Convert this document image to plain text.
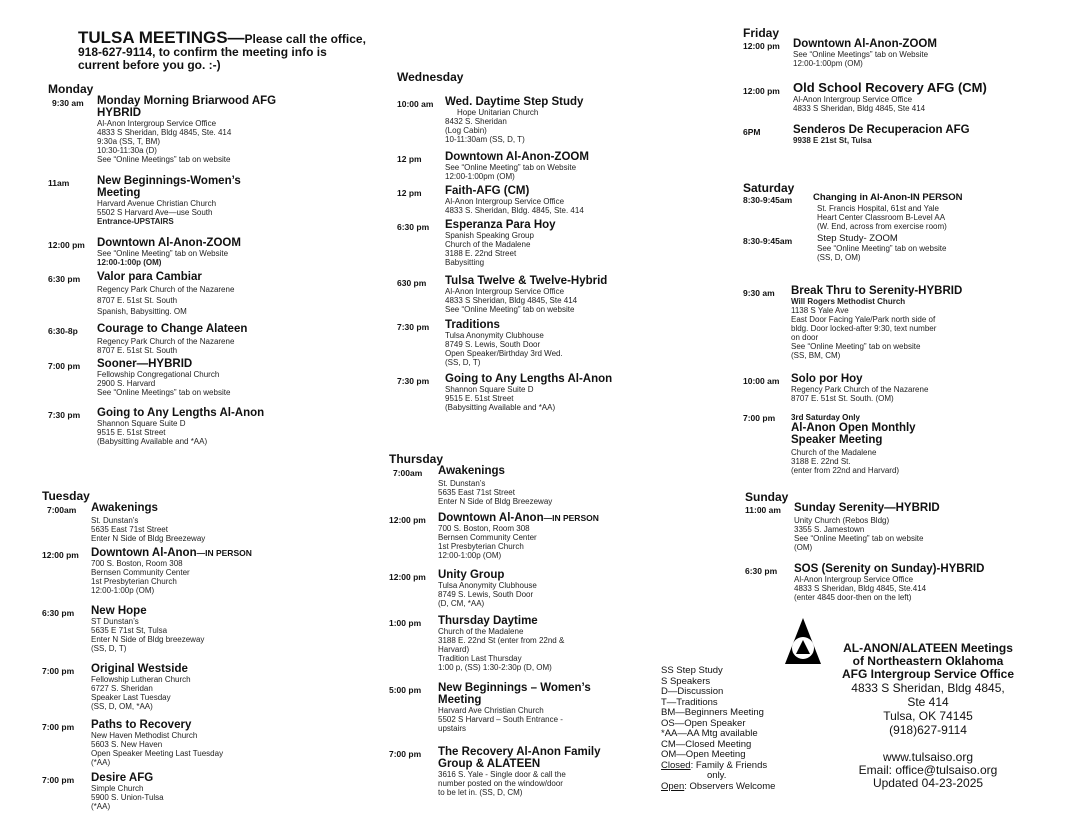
TULSA MEETINGS—Please call the office,
918-627-9114, to confirm the meeting info is
current before you go. :-)
Monday
9:30 am	Monday Morning Briarwood AFG
HYBRID
Al-Anon Intergroup Service Office
4833 S Sheridan, Bldg 4845, Ste. 414
9:30a (SS, T, BM)
10:30-11:30a (D)
See “Online Meetings” tab on website
11am	New Beginnings-Women’s
Meeting
Harvard Avenue Christian Church
5502 S Harvard Ave—use South
Entrance-UPSTAIRS
12:00 pm	Downtown Al-Anon-ZOOM
See “Online Meeting” tab on Website
12:00-1:00p (OM)
6:30 pm	Valor para Cambiar
Regency Park Church of the Nazarene
8707 E. 51st St. South
Spanish, Babysitting. OM
6:30-8p	Courage to Change Alateen
Regency Park Church of the Nazarene
8707 E. 51st St. South
7:00 pm	Sooner—HYBRID
Fellowship Congregational Church
2900 S. Harvard
See “Online Meetings” tab on website
7:30 pm	Going to Any Lengths Al-Anon
Shannon Square Suite D
9515 E. 51st Street
(Babysitting Available and *AA)
Tuesday
7:00am	Awakenings
St. Dunstan’s
5635 East 71st Street
Enter N Side of Bldg Breezeway
12:00 pm	Downtown Al-Anon—IN PERSON
700 S. Boston, Room 308
Bernsen Community Center
1st Presbyterian Church
12:00-1:00p (OM)
6:30 pm	New Hope
ST Dunstan’s
5635 E 71st St, Tulsa
Enter N Side of Bldg breezeway
(SS, D, T)
7:00 pm	Original Westside
Fellowship Lutheran Church
6727 S. Sheridan
Speaker Last Tuesday
(SS, D, OM, *AA)
7:00 pm	Paths to Recovery
New Haven Methodist Church
5603 S. New Haven
Open Speaker Meeting Last Tuesday
(*AA)
7:00 pm	Desire AFG
Simple Church
5900 S. Union-Tulsa
(*AA)
Wednesday
10:00 am	Wed. Daytime Step Study
Hope Unitarian Church
8432 S. Sheridan
(Log Cabin)
10-11:30am (SS, D, T)
12 pm	Downtown Al-Anon-ZOOM
See “Online Meeting” tab on Website
12:00-1:00pm (OM)
12 pm	Faith-AFG (CM)
Al-Anon Intergroup Service Office
4833 S. Sheridan, Bldg. 4845, Ste. 414
6:30 pm	Esperanza Para Hoy
Spanish Speaking Group
Church of the Madalene
3188 E. 22nd Street
Babysitting
630 pm	Tulsa Twelve & Twelve-Hybrid
Al-Anon Intergroup Service Office
4833 S Sheridan, Bldg 4845, Ste 414
See “Online Meeting” tab on website
7:30 pm	Traditions
Tulsa Anonymity Clubhouse
8749 S. Lewis, South Door
Open Speaker/Birthday 3rd Wed.
(SS, D, T)
7:30 pm	Going to Any Lengths Al-Anon
Shannon Square Suite D
9515 E. 51st Street
(Babysitting Available and *AA)
Thursday
7:00am	Awakenings
St. Dunstan’s
5635 East 71st Street
Enter N Side of Bldg Breezeway
12:00 pm	Downtown Al-Anon—IN PERSON
700 S. Boston, Room 308
Bernsen Community Center
1st Presbyterian Church
12:00-1:00p (OM)
12:00 pm	Unity Group
Tulsa Anonymity Clubhouse
8749 S. Lewis, South Door
(D, CM, *AA)
1:00 pm	Thursday Daytime
Church of the Madalene
3188 E. 22nd St (enter from 22nd &
Harvard)
Tradition Last Thursday
1:00 p, (SS) 1:30-2:30p (D, OM)
5:00 pm	New Beginnings – Women’s
Meeting
Harvard Ave Christian Church
5502 S Harvard – South Entrance -
upstairs
7:00 pm	The Recovery Al-Anon Family
Group & ALATEEN
3616 S. Yale - Single door & call the
number posted on the window/door
to be let in. (SS, D, CM)
SS Step Study
S Speakers
D—Discussion
T—Traditions
BM—Beginners Meeting
OS—Open Speaker
*AA—AA Mtg available
CM—Closed Meeting
OM—Open Meeting
Closed: Family & Friends
only.
Open: Observers Welcome
Friday
12:00 pm	Downtown Al-Anon-ZOOM
See “Online Meetings” tab on Website
12:00-1:00pm (OM)
12:00 pm	Old School Recovery AFG (CM)
Al-Anon Intergroup Service Office
4833 S Sheridan, Bldg 4845, Ste 414
6PM	Senderos De Recuperacion AFG
9938 E 21st St, Tulsa
Saturday
8:30-9:45am	Changing in Al-Anon-IN PERSON
St. Francis Hospital, 61st and Yale
Heart Center Classroom B-Level AA
(W. End, across from exercise room)
8:30-9:45am	Step Study- ZOOM
See “Online Meeting” tab on website
(SS, D, OM)
9:30 am	Break Thru to Serenity-HYBRID
Will Rogers Methodist Church
1138 S Yale Ave
East Door Facing Yale/Park north side of
bldg. Door locked-after 9:30, text number
on door
See “Online Meeting” tab on website
(SS, BM, CM)
10:00 am	Solo por Hoy
Regency Park Church of the Nazarene
8707 E. 51st St. South. (OM)
7:00 pm	3rd Saturday Only
Al-Anon Open Monthly
Speaker Meeting
Church of the Madalene
3188 E. 22nd St.
(enter from 22nd and Harvard)
Sunday
11:00 am	Sunday Serenity—HYBRID
Unity Church (Rebos Bldg)
3355 S. Jamestown
See “Online Meeting” tab on website
(OM)
6:30 pm	SOS (Serenity on Sunday)-HYBRID
Al-Anon Intergroup Service Office
4833 S Sheridan, Bldg 4845, Ste.414
(enter 4845 door-then on the left)
AL-ANON/ALATEEN Meetings
of Northeastern Oklahoma
AFG Intergroup Service Office
4833 S Sheridan, Bldg 4845,
Ste 414
Tulsa, OK 74145
(918)627-9114
www.tulsaiso.org
Email: office@tulsaiso.org
Updated 04-23-2025
